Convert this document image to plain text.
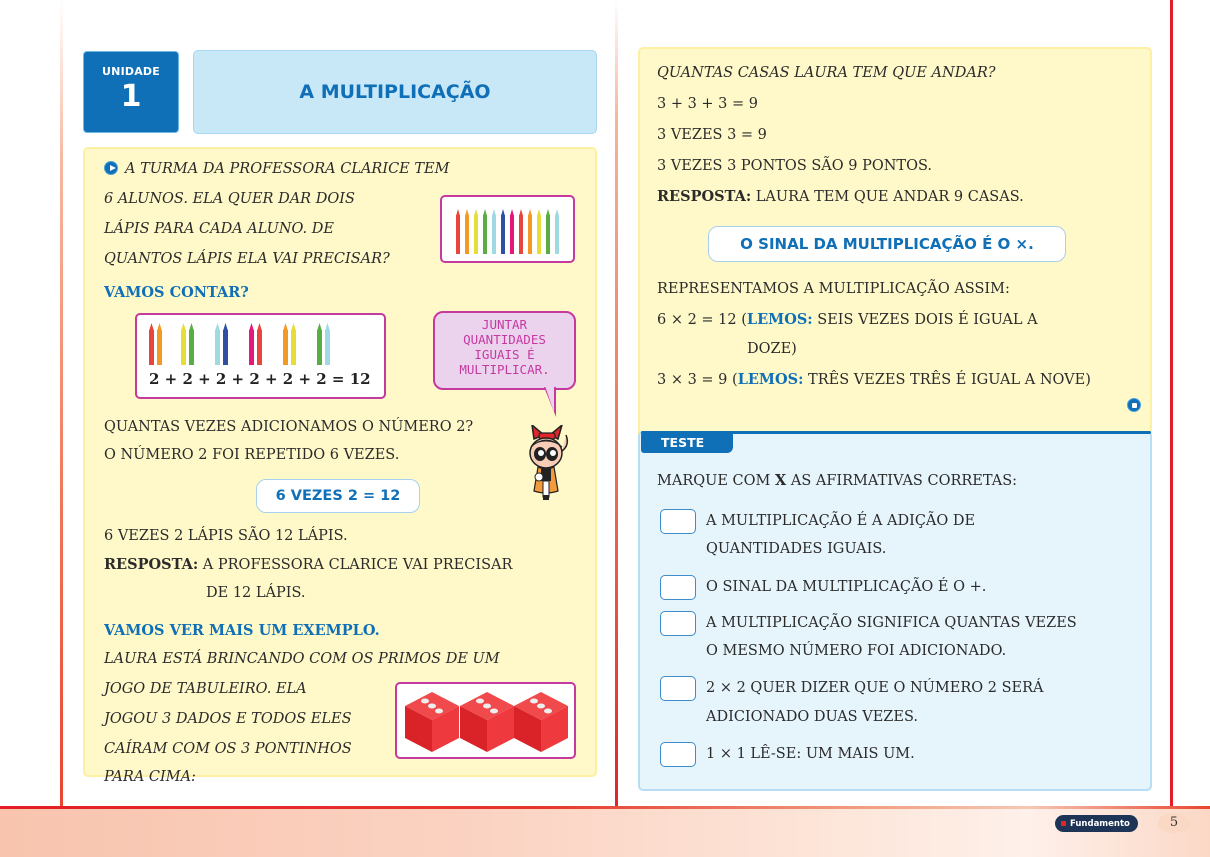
UNIDADE
1	A MULTIPLICAÇÃO
A TURMA DA PROFESSORA CLARICE TEM
6 ALUNOS. ELA QUER DAR DOIS
LÁPIS PARA CADA ALUNO. DE
QUANTOS LÁPIS ELA VAI PRECISAR?
VAMOS CONTAR?
2 + 2 + 2 + 2 + 2 + 2 = 12
JUNTAR
QUANTIDADES
IGUAIS É
MULTIPLICAR.
QUANTAS VEZES ADICIONAMOS O NÚMERO 2?
O NÚMERO 2 FOI REPETIDO 6 VEZES.
6 VEZES 2 = 12
6 VEZES 2 LÁPIS SÃO 12 LÁPIS.
RESPOSTA: A PROFESSORA CLARICE VAI PRECISAR
DE 12 LÁPIS.
VAMOS VER MAIS UM EXEMPLO.
LAURA ESTÁ BRINCANDO COM OS PRIMOS DE UM
JOGO DE TABULEIRO. ELA
JOGOU 3 DADOS E TODOS ELES
CAÍRAM COM OS 3 PONTINHOS
PARA CIMA:
QUANTAS CASAS LAURA TEM QUE ANDAR?
3 + 3 + 3 = 9
3 VEZES 3 = 9
3 VEZES 3 PONTOS SÃO 9 PONTOS.
RESPOSTA: LAURA TEM QUE ANDAR 9 CASAS.
O SINAL DA MULTIPLICAÇÃO É O ×.
REPRESENTAMOS A MULTIPLICAÇÃO ASSIM:
6 × 2 = 12 (LEMOS: SEIS VEZES DOIS É IGUAL A
DOZE)
3 × 3 = 9 (LEMOS: TRÊS VEZES TRÊS É IGUAL A NOVE)
TESTE
MARQUE COM X AS AFIRMATIVAS CORRETAS:
A MULTIPLICAÇÃO É A ADIÇÃO DE
QUANTIDADES IGUAIS.
O SINAL DA MULTIPLICAÇÃO É O +.
A MULTIPLICAÇÃO SIGNIFICA QUANTAS VEZES
O MESMO NÚMERO FOI ADICIONADO.
2 × 2 QUER DIZER QUE O NÚMERO 2 SERÁ
ADICIONADO DUAS VEZES.
1 × 1 LÊ-SE: UM MAIS UM.
Fundamento	5
